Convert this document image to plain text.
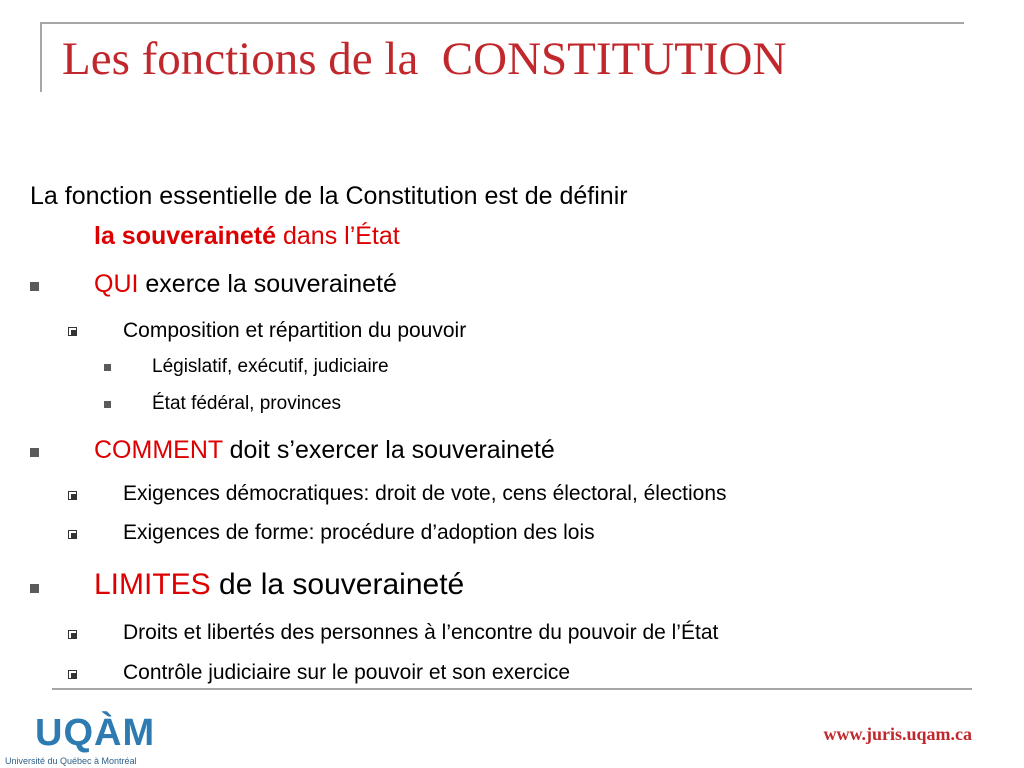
Les fonctions de la  CONSTITUTION
La fonction essentielle de la Constitution est de définir
la souveraineté dans l’État
QUI exerce la souveraineté
Composition et répartition du pouvoir
Législatif, exécutif, judiciaire
État fédéral, provinces
COMMENT doit s’exercer la souveraineté
Exigences démocratiques: droit de vote, cens électoral, élections
Exigences de forme: procédure d’adoption des lois
LIMITES de la souveraineté
Droits et libertés des personnes à l’encontre du pouvoir de l’État
Contrôle judiciaire sur le pouvoir et son exercice
UQÀM
Université du Québec à Montréal
www.juris.uqam.ca
